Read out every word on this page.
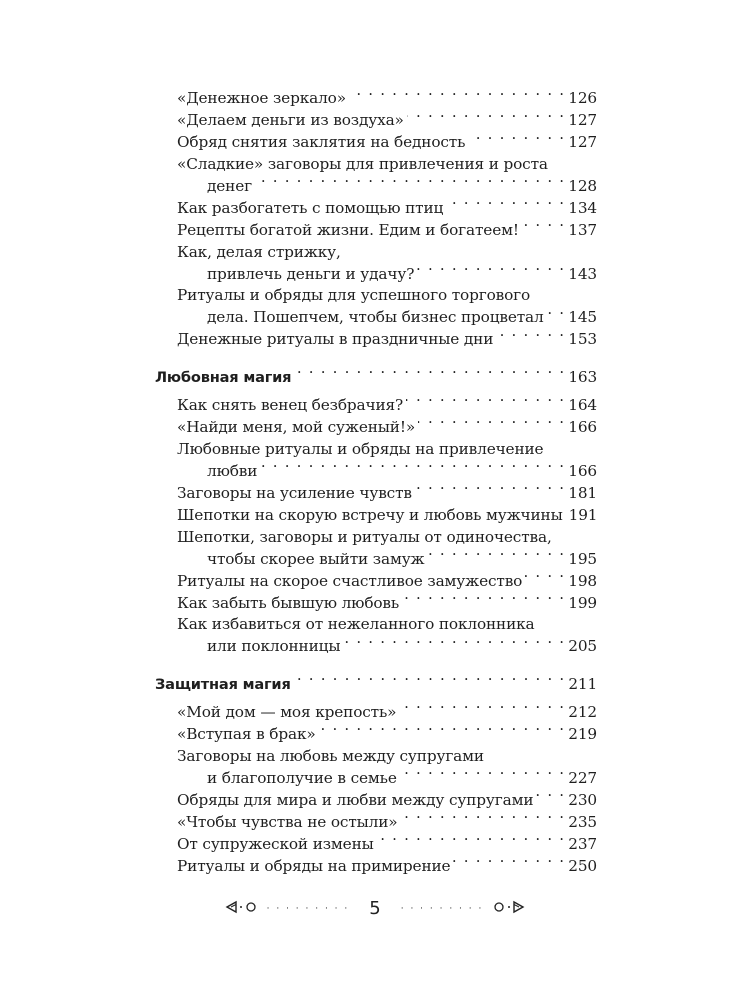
«Денежное зеркало» . . .	126
«Делаем деньги из воздуха» . . .	127
Обряд снятия заклятия на бедность . . .	127
«Сладкие» заговоры для привлечения и роста
денег . . .	128
Как разбогатеть с помощью птиц . . .	134
Рецепты богатой жизни. Едим и богатеем! . . .	137
Как, делая стрижку,
привлечь деньги и удачу? . . .	143
Ритуалы и обряды для успешного торгового
дела. Пошепчем, чтобы бизнес процветал . . . 145
Денежные ритуалы в праздничные дни . . .	153
Любовная магия . . .	163
Как снять венец безбрачия? . . .	164
«Найди меня, мой суженый!» . . .	166
Любовные ритуалы и обряды на привлечение
любви . . .	166
Заговоры на усиление чувств . . .	181
Шепотки на скорую встречу и любовь мужчины 191
Шепотки, заговоры и ритуалы от одиночества,
чтобы скорее выйти замуж . . .	195
Ритуалы на скорое счастливое замужество . . .	198
Как забыть бывшую любовь . . .	199
Как избавиться от нежеланного поклонника
или поклонницы . . .	205
Защитная магия . . .	211
«Мой дом — моя крепость» . . .	212
«Вступая в брак» . . .	219
Заговоры на любовь между супругами
и благополучие в семье . . .	227
Обряды для мира и любви между супругами . . . 230
«Чтобы чувства не остыли» . . .	235
От супружеской измены . . .	237
Ритуалы и обряды на примирение . . .	250
· · · · · · · · · 5 · · · · · · · · ·
